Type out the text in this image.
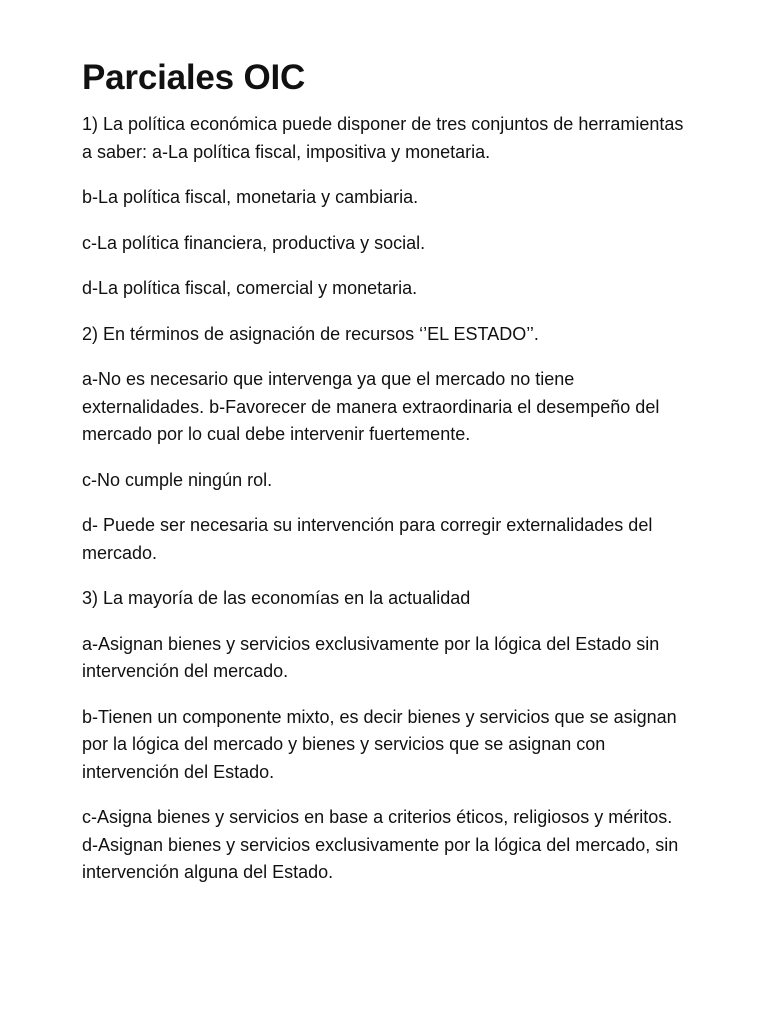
Parciales OIC

1) La política económica puede disponer de tres conjuntos de herramientas a saber: a-La política fiscal, impositiva y monetaria.

b-La política fiscal, monetaria y cambiaria.

c-La política financiera, productiva y social.

d-La política fiscal, comercial y monetaria.

2) En términos de asignación de recursos ‘’EL ESTADO’’.

a-No es necesario que intervenga ya que el mercado no tiene externalidades. b-Favorecer de manera extraordinaria el desempeño del mercado por lo cual debe intervenir fuertemente.

c-No cumple ningún rol.

d- Puede ser necesaria su intervención para corregir externalidades del mercado.

3) La mayoría de las economías en la actualidad

a-Asignan bienes y servicios exclusivamente por la lógica del Estado sin intervención del mercado.

b-Tienen un componente mixto, es decir bienes y servicios que se asignan por la lógica del mercado y bienes y servicios que se asignan con intervención del Estado.

c-Asigna bienes y servicios en base a criterios éticos, religiosos y méritos. d-Asignan bienes y servicios exclusivamente por la lógica del mercado, sin intervención alguna del Estado.
